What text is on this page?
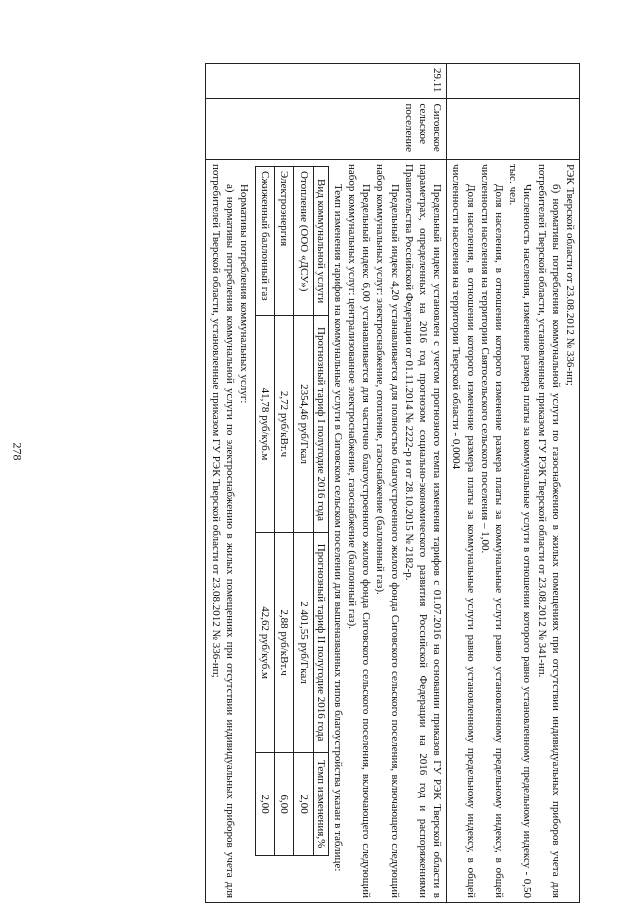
278

РЭК Тверской области от 23.08.2012 № 336-нп;

б) нормативы потребления коммунальной услуги по газоснабжению в жилых помещениях при отсутствии индивидуальных приборов учета для потребителей Тверской области, установленные приказом ГУ РЭК Тверской области от 23.08.2012 № 341-нп.

Численность населения, изменение размера платы за коммунальные услуги в отношении которого равно установленному предельному индексу - 0,50 тыс. чел.

Доля населения, в отношении которого изменение размера платы за коммунальные услуги равно установленному предельному индексу, в общей численности населения на территории Святосельского сельского поселения – 1,00.

Доля населения, в отношении которого изменение размера платы за коммунальные услуги равно установленному предельному индексу, в общей численности населения на территории Тверской области - 0,0004

29.11	Сиговское сельское поселение	

Предельный индекс установлен с учетом прогнозного темпа изменения тарифов с 01.07.2016 на основании приказов ГУ РЭК Тверской области в параметрах, определенных на 2016 год прогнозом социально-экономического развития Российской Федерации на 2016 год и распоряжениями Правительства Российской Федерации от 01.11.2014 № 2222-р и от 28.10.2015 № 2182-р.

Предельный индекс 4,20 устанавливается для полностью благоустроенного жилого фонда Сиговского сельского поселения, включающего следующий набор коммунальных услуг: электроснабжение, отопление, газоснабжение (баллонный газ).

Предельный индекс 6,00 устанавливается для частично благоустроенного жилого фонда Сиговского сельского поселения, включающего следующий набор коммунальных услуг: централизованное электроснабжение, газоснабжение (баллонный газ).

Темп изменения тарифов на коммунальные услуги в Сиговском сельском поселении для вышеназванных типов благоустройства указан в таблице:

Вид коммунальной услуги	Прогнозный тариф I полугодие 2016 года	Прогнозный тариф II полугодие 2016 года	Темп изменения,%
Отопление (ООО «ДСУ»)	2354,46 руб/Гкал	2 401,55 руб/Гкал	2,00
Электроэнергия	2,72 руб/кВт.ч	2,88 руб/кВт.ч	6,00
Сжиженный баллонный газ	41,78 руб/куб.м	42,62 руб/куб.м	2,00

Нормативы потребления коммунальных услуг:

а) нормативы потребления коммунальной услуги по электроснабжению в жилых помещениях при отсутствии индивидуальных приборов учета для потребителей Тверской области, установленные приказом ГУ РЭК Тверской области от 23.08.2012 № 336-нп;
